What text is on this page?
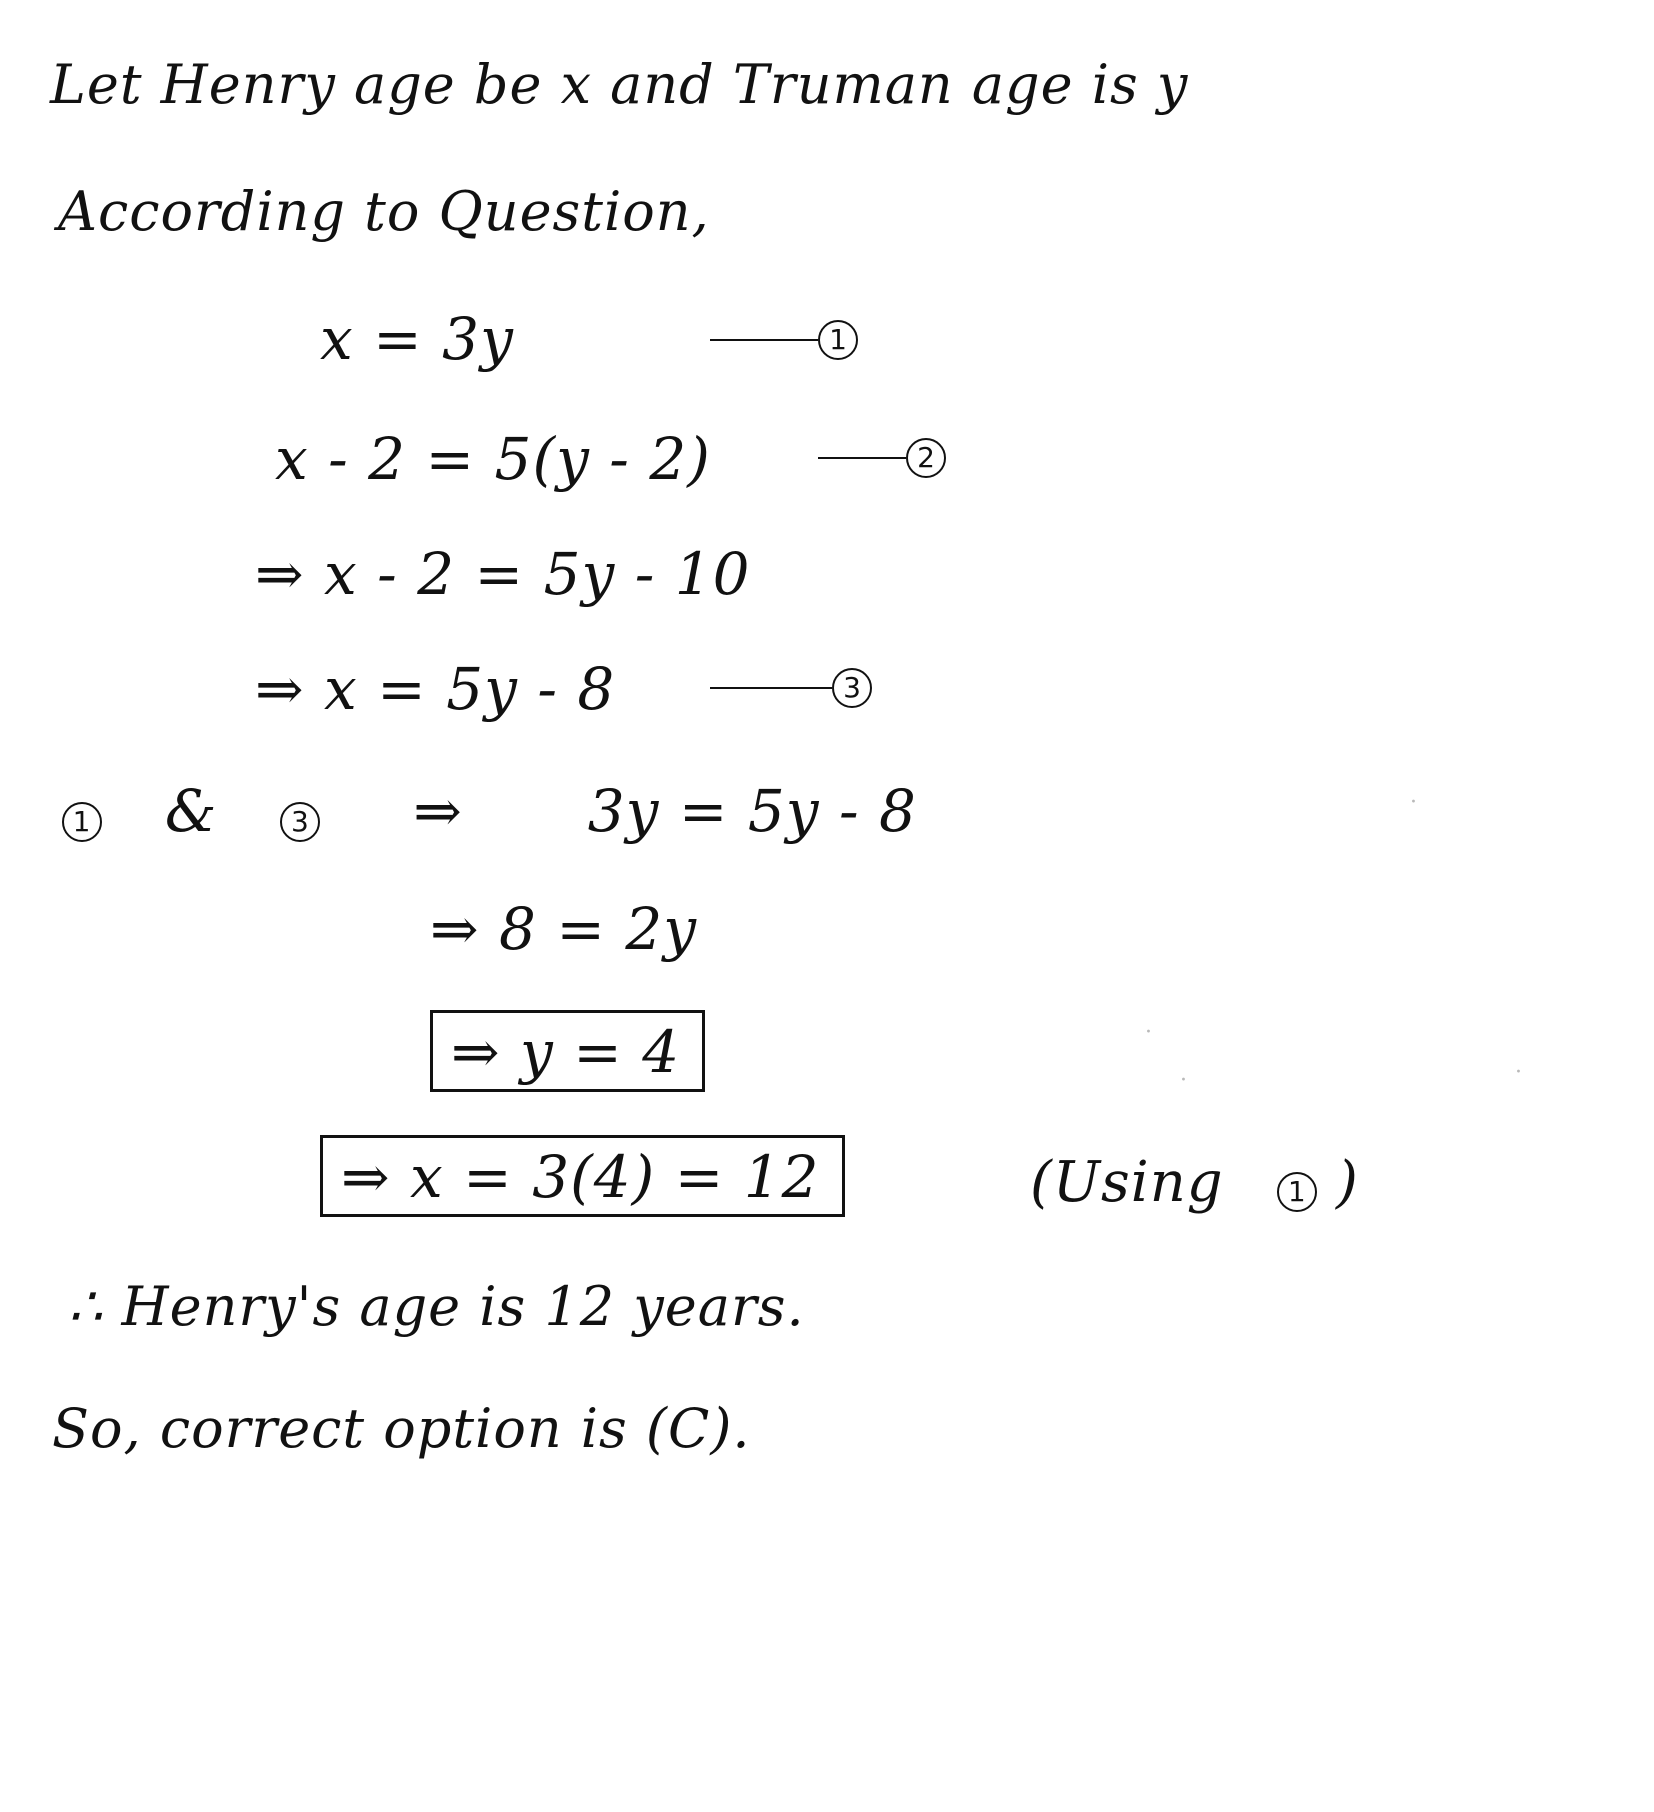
Let Henry age be x and Truman age is y
According to Question,
x = 3y	1
x - 2 = 5(y - 2)	2
⇒ x - 2 = 5y - 10
⇒ x = 5y - 8	3
1 &	3 ⇒ 3y = 5y - 8
⇒ 8 = 2y
⇒ y = 4
⇒ x = 3(4) = 12	(Using 1 )
∴ Henry's age is 12 years.
So, correct option is (C).
·
·
·
·
